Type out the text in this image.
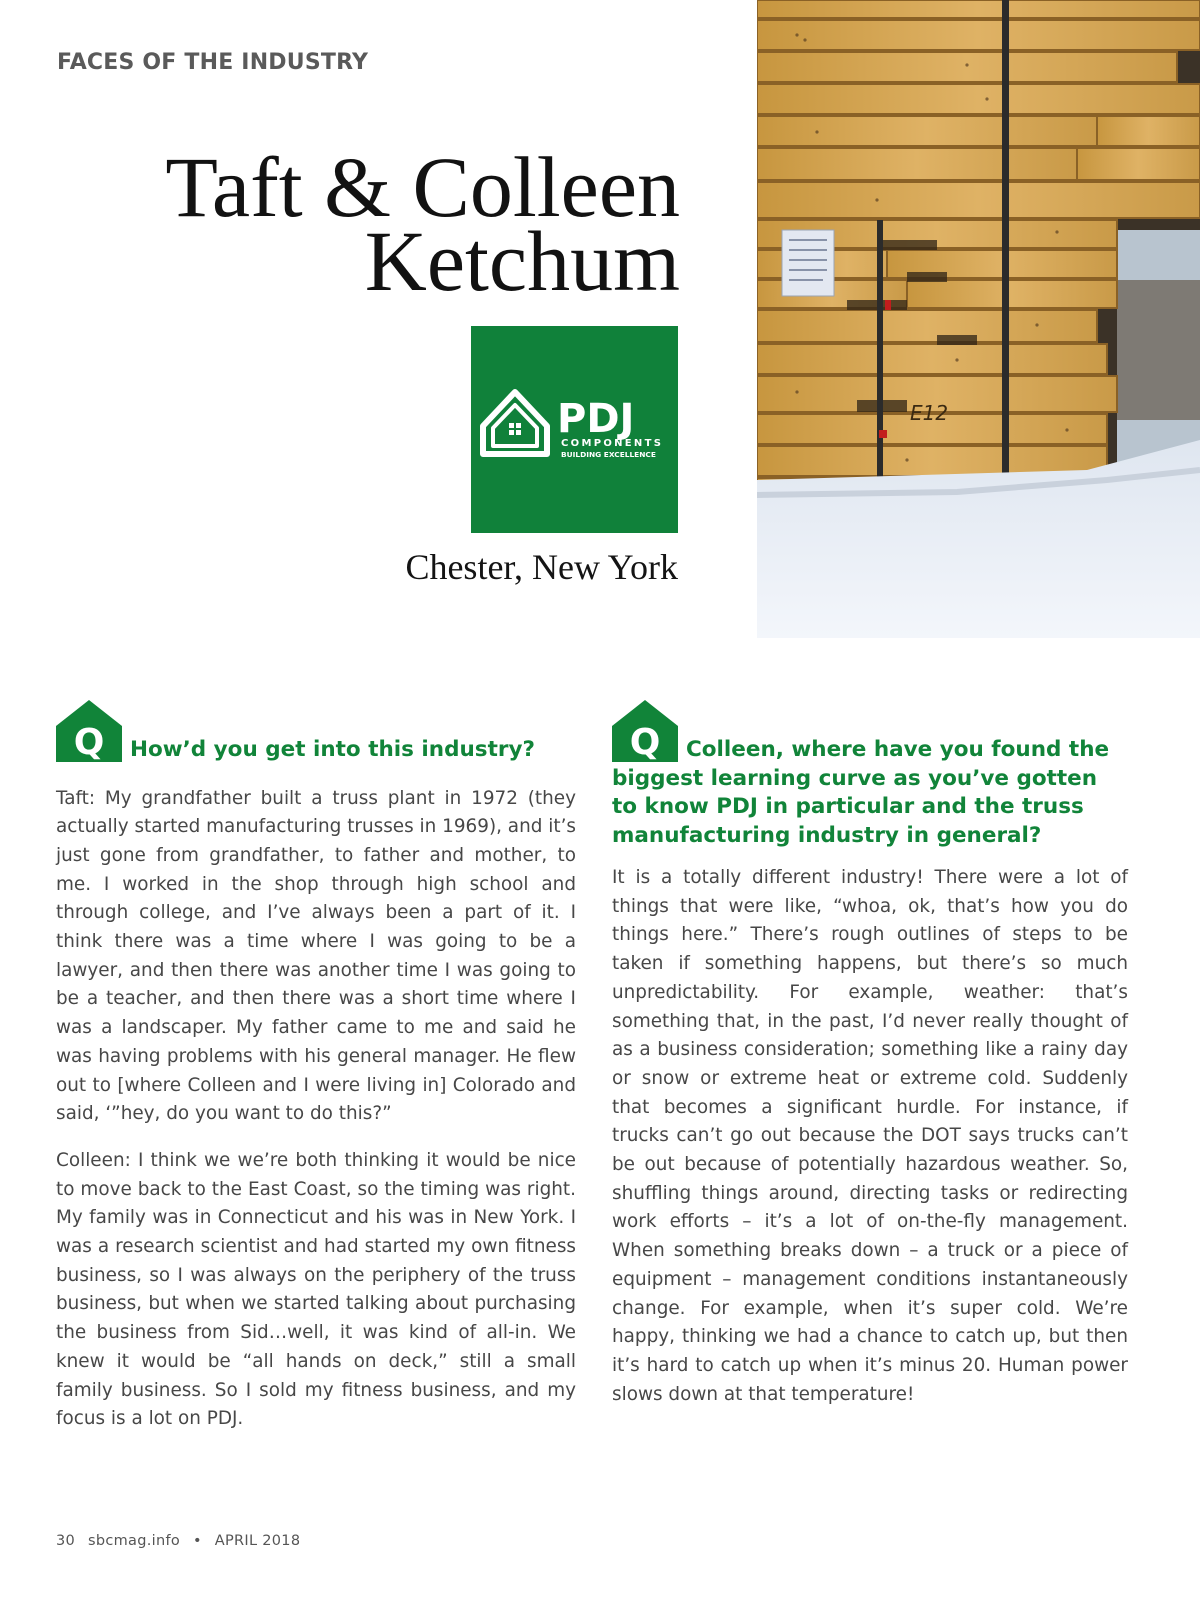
FACES OF THE INDUSTRY
Taft & Colleen
Ketchum
PDJ
COMPONENTS
BUILDING EXCELLENCE
Chester, New York
E12
Q	How’d you get into this industry?

Taft: My grandfather built a truss plant in 1972 (they actually started manufacturing trusses in 1969), and it’s just gone from grandfather, to father and mother, to me. I worked in the shop through high school and through college, and I’ve always been a part of it. I think there was a time where I was going to be a lawyer, and then there was another time I was going to be a teacher, and then there was a short time where I was a landscaper. My father came to me and said he was having problems with his general manager. He flew out to [where Colleen and I were living in] Colorado and said, ‘”hey, do you want to do this?”

Colleen: I think we we’re both thinking it would be nice to move back to the East Coast, so the timing was right. My family was in Connecticut and his was in New York. I was a research scientist and had started my own fitness business, so I was always on the periphery of the truss business, but when we started talking about purchasing the business from Sid…well, it was kind of all-in. We knew it would be “all hands on deck,” still a small family business. So I sold my fitness business, and my focus is a lot on PDJ.

Q	Colleen, where have you found the biggest learning curve as you’ve gotten to know PDJ in particular and the truss manufacturing industry in general?

It is a totally different industry! There were a lot of things that were like, “whoa, ok, that’s how you do things here.” There’s rough outlines of steps to be taken if something happens, but there’s so much unpredictability. For example, weather: that’s something that, in the past, I’d never really thought of as a business consideration; something like a rainy day or snow or extreme heat or extreme cold. Suddenly that becomes a significant hurdle. For instance, if trucks can’t go out because the DOT says trucks can’t be out because of potentially hazardous weather. So, shuffling things around, directing tasks or redirecting work efforts – it’s a lot of on-the-fly management. When something breaks down – a truck or a piece of equipment – management conditions instantaneously change. For example, when it’s super cold. We’re happy, thinking we had a chance to catch up, but then it’s hard to catch up when it’s minus 20. Human power slows down at that temperature!

30 sbcmag.info • APRIL 2018
